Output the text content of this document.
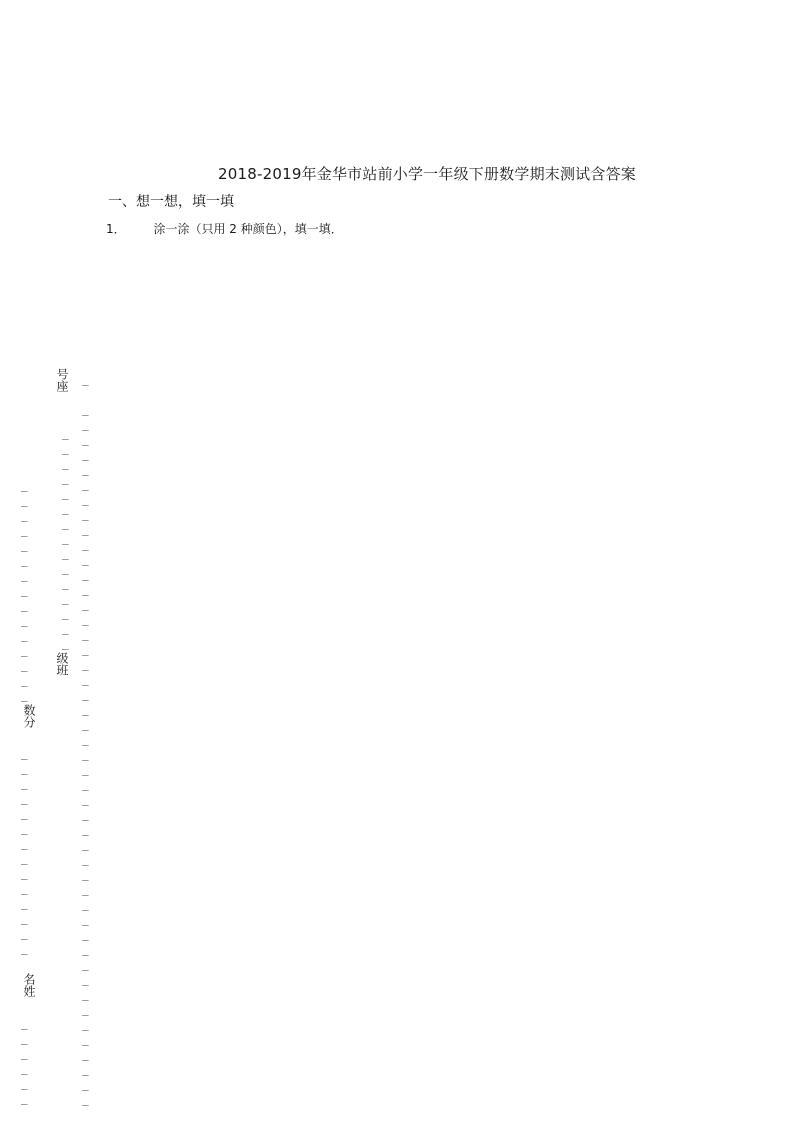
2018-2019年金华市站前小学一年级下册数学期末测试含答案
一、想一想，填一填
1． 涂一涂（只用 2 种颜色），填一填．
号座
级班
数分
名姓
_
_
_
_
_
_
_
_
_
_
_
_
_
_
_
_
_
_
_
_
_
_
_
_
_
_
_
_
_
_
_
_
_
_
_
_
_
_
_
_
_
_
_
_
_
_
_
_
_
_
_
_
_
_
_
_
_
_
_
_
_
_
_
_
_
_
_
_
_
_
_
_
_
_
_
_
_
_
_
_
_
_
_
_
_
_
_
_
_
_
_
_
_
_
_
_
_
_
